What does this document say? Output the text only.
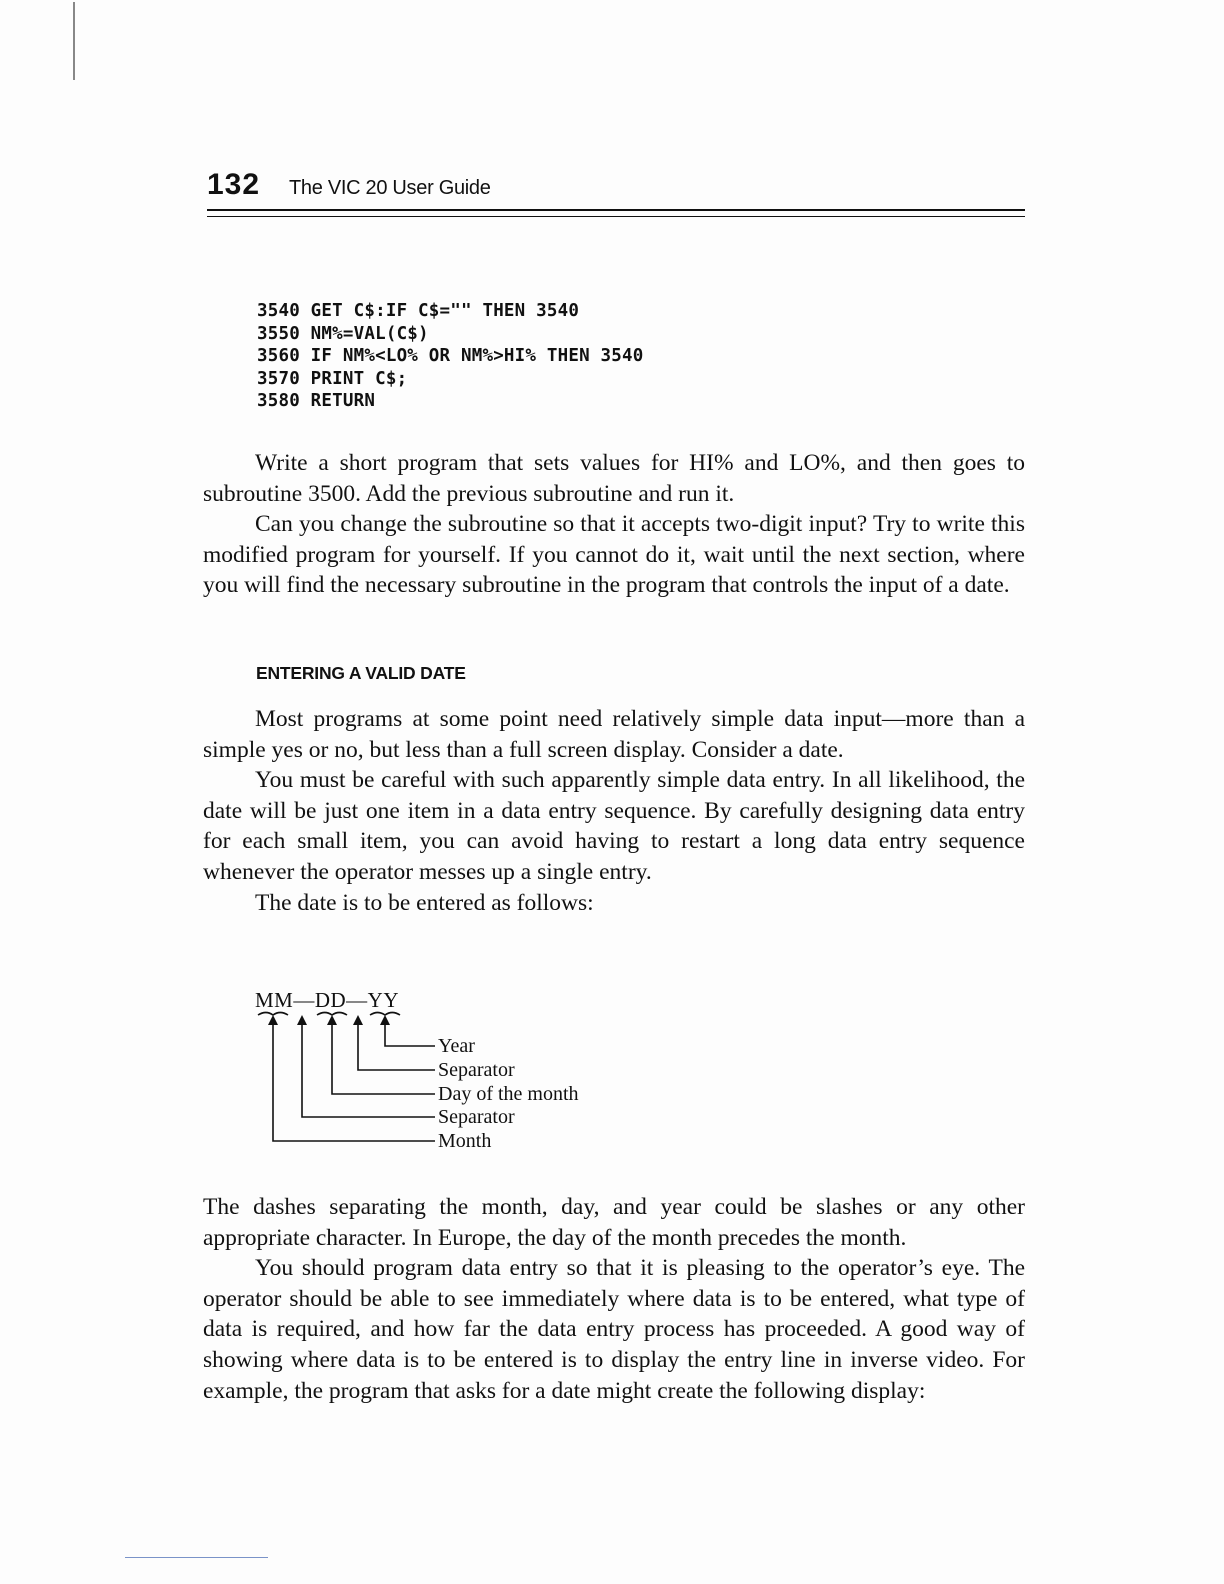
132 The VIC 20 User Guide
3540 GET C$:IF C$="" THEN 3540
3550 NM%=VAL(C$)
3560 IF NM%<LO% OR NM%>HI% THEN 3540
3570 PRINT C$;
3580 RETURN

Write a short program that sets values for HI% and LO%, and then goes to subroutine 3500. Add the previous subroutine and run it.

Can you change the subroutine so that it accepts two-digit input? Try to write this modified program for yourself. If you cannot do it, wait until the next section, where you will find the necessary subroutine in the program that controls the input of a date.

ENTERING A VALID DATE

Most programs at some point need relatively simple data input—more than a simple yes or no, but less than a full screen display. Consider a date.

You must be careful with such apparently simple data entry. In all likelihood, the date will be just one item in a data entry sequence. By carefully designing data entry for each small item, you can avoid having to restart a long data entry sequence whenever the operator messes up a single entry.

The date is to be entered as follows:

MM—DD—YY
Year
Separator
Day of the month
Separator
Month

The dashes separating the month, day, and year could be slashes or any other appropriate character. In Europe, the day of the month precedes the month.

You should program data entry so that it is pleasing to the operator’s eye. The operator should be able to see immediately where data is to be entered, what type of data is required, and how far the data entry process has proceeded. A good way of showing where data is to be entered is to display the entry line in inverse video. For example, the program that asks for a date might create the following display:
